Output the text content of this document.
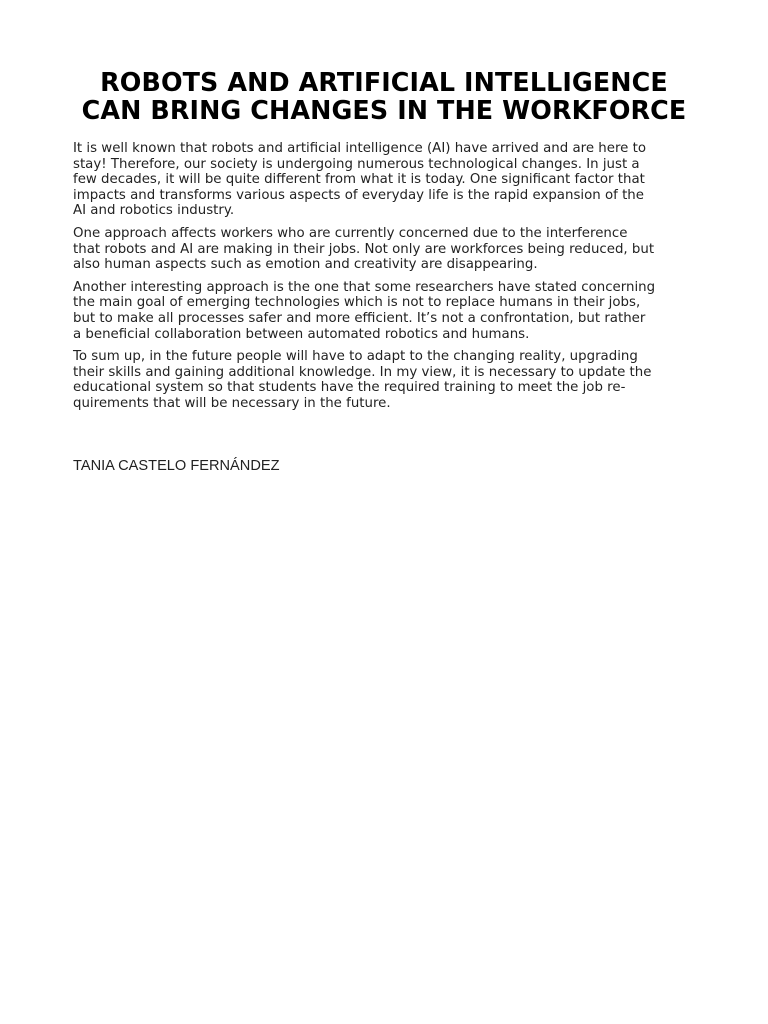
ROBOTS AND ARTIFICIAL INTELLIGENCE
CAN BRING CHANGES IN THE WORKFORCE

It is well known that robots and artificial intelligence (AI) have arrived and are here to
stay! Therefore, our society is undergoing numerous technological changes. In just a
few decades, it will be quite different from what it is today. One significant factor that
impacts and transforms various aspects of everyday life is the rapid expansion of the
AI and robotics industry.

One approach affects workers who are currently concerned due to the interference
that robots and AI are making in their jobs. Not only are workforces being reduced, but
also human aspects such as emotion and creativity are disappearing.

Another interesting approach is the one that some researchers have stated concerning
the main goal of emerging technologies which is not to replace humans in their jobs,
but to make all processes safer and more efficient. It’s not a confrontation, but rather
a beneficial collaboration between automated robotics and humans.

To sum up, in the future people will have to adapt to the changing reality, upgrading
their skills and gaining additional knowledge. In my view, it is necessary to update the
educational system so that students have the required training to meet the job re-
quirements that will be necessary in the future.

TANIA CASTELO FERNÁNDEZ
